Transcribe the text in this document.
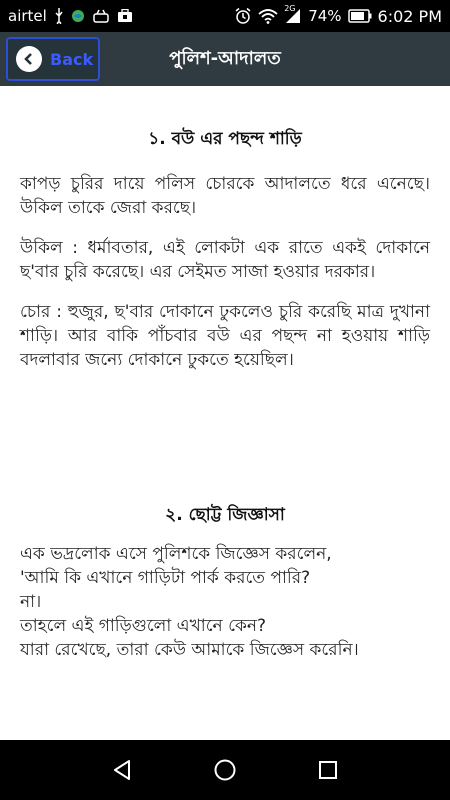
airtel	2G 74% 6:02 PM
Back	পুলিশ-আদালত
১. বউ এর পছন্দ শাড়ি

কাপড় চুরির দায়ে পলিস চোরকে আদালতে ধরে এনেছে। উকিল তাকে জেরা করছে।

উকিল : ধর্মাবতার, এই লোকটা এক রাতে একই দোকানে ছ'বার চুরি করেছে। এর সেইমত সাজা হওয়ার দরকার।

চোর : হুজুর, ছ'বার দোকানে ঢুকলেও চুরি করেছি মাত্র দুখানা শাড়ি। আর বাকি পাঁচবার বউ এর পছন্দ না হওয়ায় শাড়ি বদলাবার জন্যে দোকানে ঢুকতে হয়েছিল।

২. ছোট্ট জিজ্ঞাসা
এক ভদ্রলোক এসে পুলিশকে জিজ্ঞেস করলেন,
'আমি কি এখানে গাড়িটা পার্ক করতে পারি?
না।
তাহলে এই গাড়িগুলো এখানে কেন?
যারা রেখেছে, তারা কেউ আমাকে জিজ্ঞেস করেনি।
